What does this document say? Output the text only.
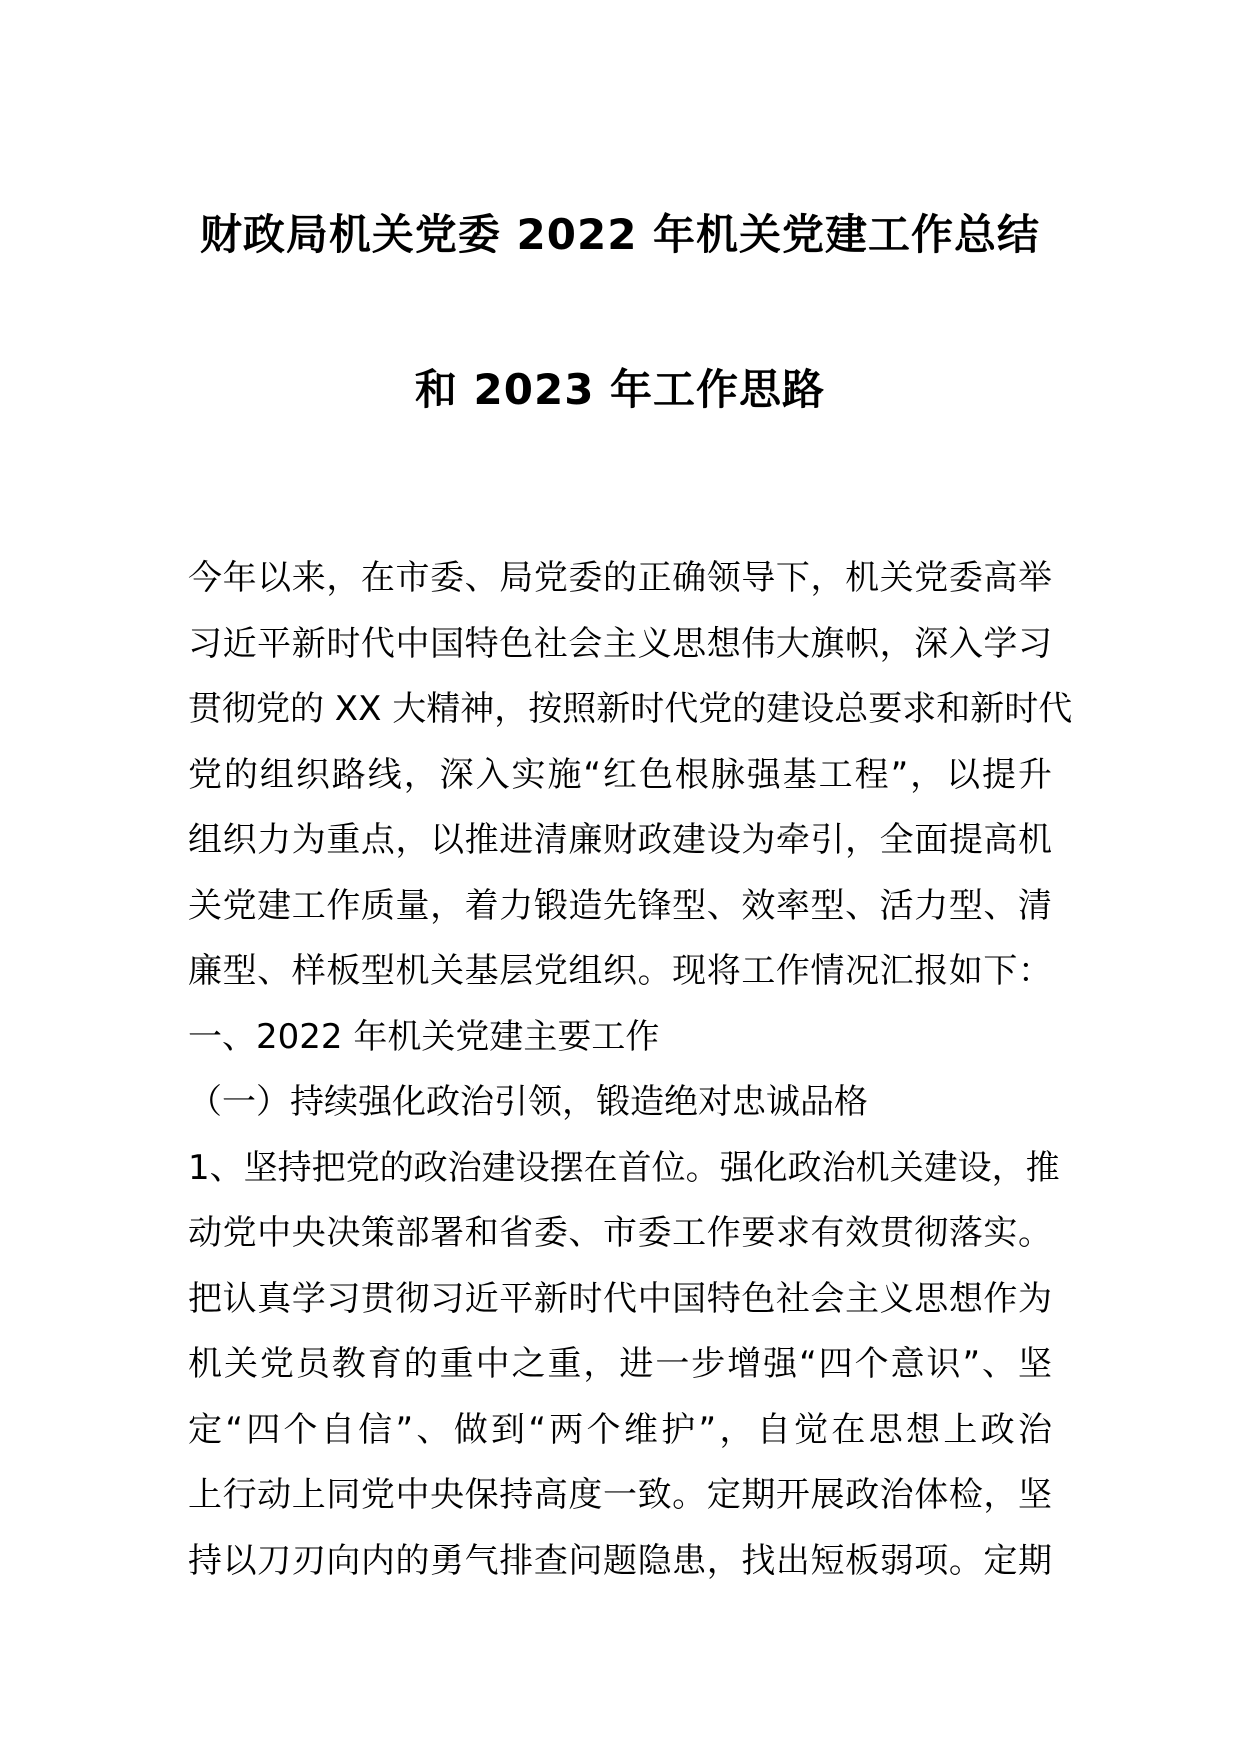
财政局机关党委 2022 年机关党建工作总结
和 2023 年工作思路
今年以来，在市委、局党委的正确领导下，机关党委高举
习近平新时代中国特色社会主义思想伟大旗帜，深入学习
贯彻党的 XX 大精神，按照新时代党的建设总要求和新时代
党的组织路线，深入实施“红色根脉强基工程”，以提升
组织力为重点，以推进清廉财政建设为牵引，全面提高机
关党建工作质量，着力锻造先锋型、效率型、活力型、清
廉型、样板型机关基层党组织。现将工作情况汇报如下：
一、2022 年机关党建主要工作
（一）持续强化政治引领，锻造绝对忠诚品格
1、坚持把党的政治建设摆在首位。强化政治机关建设，推
动党中央决策部署和省委、市委工作要求有效贯彻落实。
把认真学习贯彻习近平新时代中国特色社会主义思想作为
机关党员教育的重中之重，进一步增强“四个意识”、坚
定“四个自信”、做到“两个维护”，自觉在思想上政治
上行动上同党中央保持高度一致。定期开展政治体检，坚
持以刀刃向内的勇气排查问题隐患，找出短板弱项。定期
